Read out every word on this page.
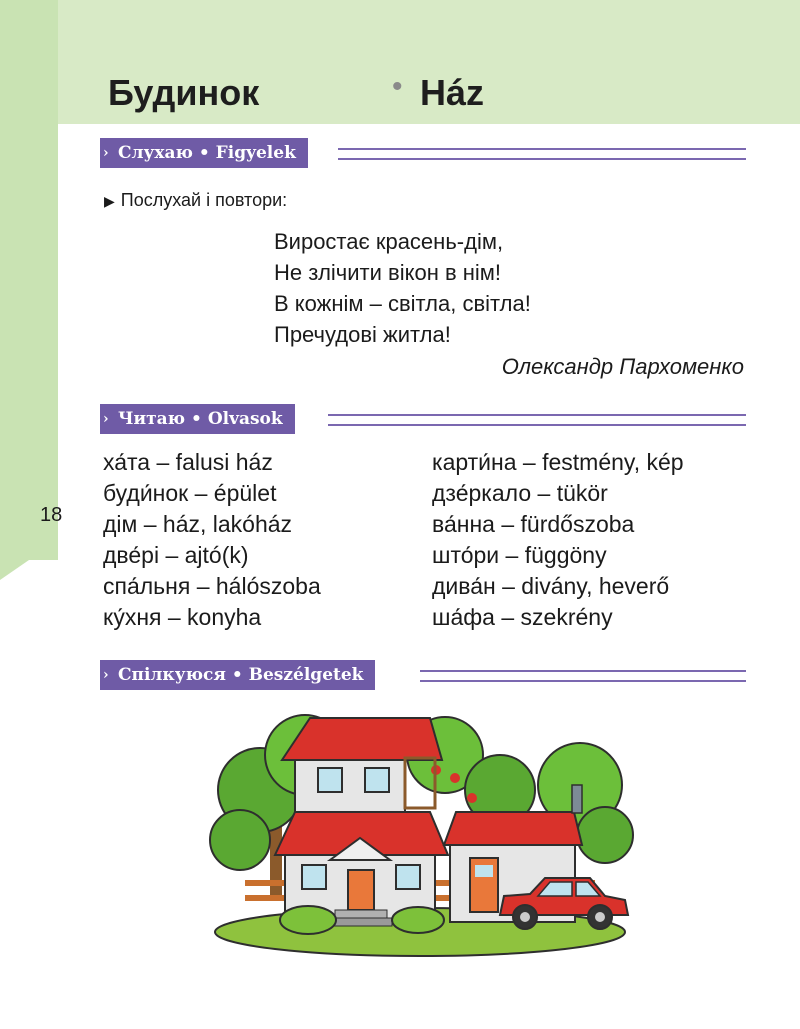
Будинок	• Ház
› Слухаю • Figyelek
▶ Послухай і повтори:
Виростає красень-дім,
Не злічити вікон в нім!
В кожнім – світла, світла!
Пречудові житла!
Олександр Пархоменко
› Читаю • Olvasok
ха́та – falusi ház
буди́нок – épület
дім – ház, lakóház
две́рі – ajtó(k)
спа́льня – hálószoba
ку́хня – konyha
карти́на – festmény, kép
дзе́ркало – tükör
ва́нна – fürdőszoba
што́ри – függöny
дива́н – divány, heverő
ша́фа – szekrény
18
› Спілкуюся • Beszélgetek
